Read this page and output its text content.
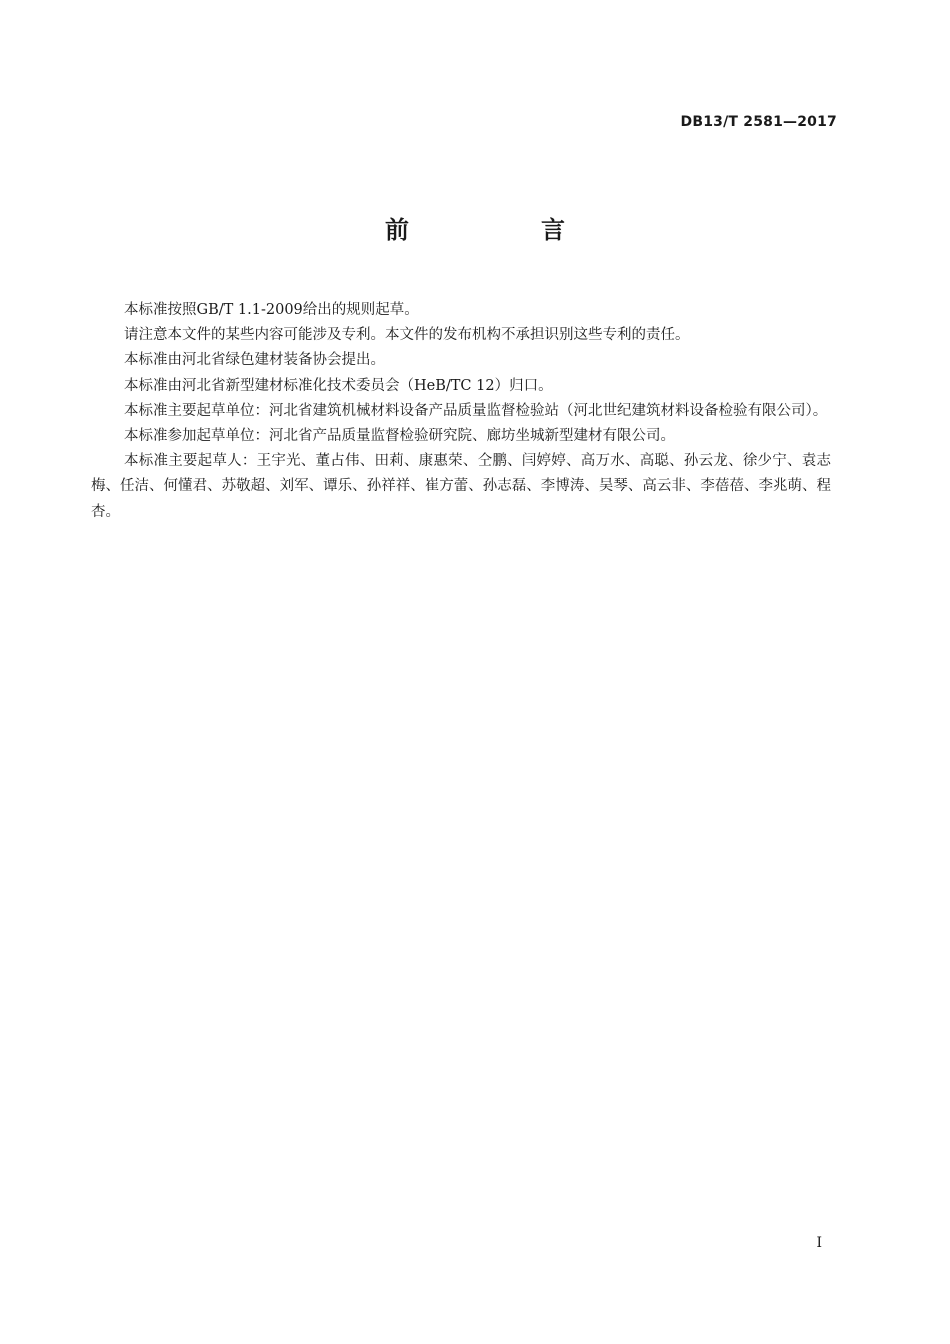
DB13/T 2581—2017
前　言

本标准按照GB/T 1.1-2009给出的规则起草。

请注意本文件的某些内容可能涉及专利。本文件的发布机构不承担识别这些专利的责任。

本标准由河北省绿色建材装备协会提出。

本标准由河北省新型建材标准化技术委员会（HeB/TC 12）归口。

本标准主要起草单位：河北省建筑机械材料设备产品质量监督检验站（河北世纪建筑材料设备检验有限公司）。

本标准参加起草单位：河北省产品质量监督检验研究院、廊坊坐城新型建材有限公司。

本标准主要起草人：王宇光、董占伟、田莉、康惠荣、仝鹏、闫婷婷、高万水、高聪、孙云龙、徐少宁、袁志梅、任洁、何懂君、苏敬超、刘军、谭乐、孙祥祥、崔方蕾、孙志磊、李博涛、吴琴、高云非、李蓓蓓、李兆萌、程杏。

I
